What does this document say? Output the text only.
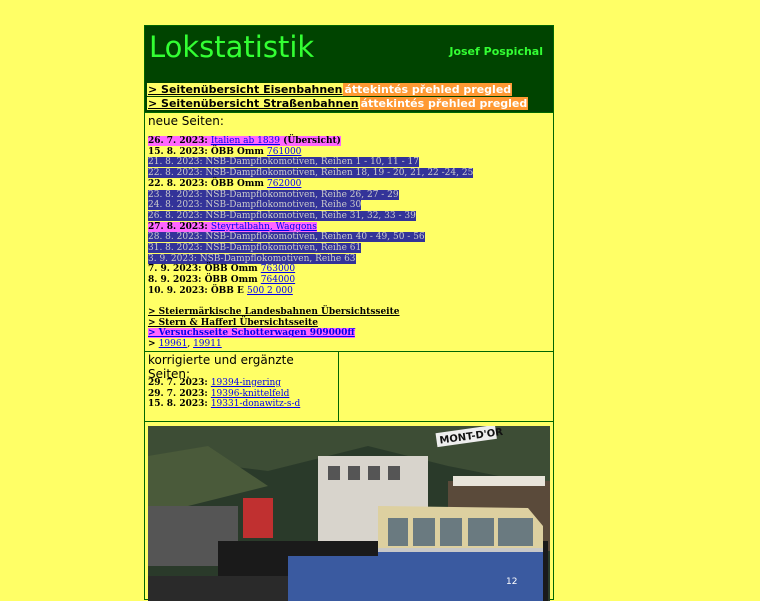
Lokstatistik	Josef Pospichal
> Seitenübersicht Eisenbahnen áttekintés přehled pregled
> Seitenübersicht Straßenbahnen áttekintés přehled pregled
neue Seiten:
26. 7. 2023: Italien ab 1839 (Übersicht)
15. 8. 2023: ÖBB Omm 761000
21. 8. 2023: NSB-Dampflokomotiven, Reihen 1 - 10, 11 - 17
22. 8. 2023: NSB-Dampflokomotiven, Reihen 18, 19 - 20, 21, 22 -24, 25
22. 8. 2023: ÖBB Omm 762000
23. 8. 2023: NSB-Dampflokomotiven, Reihe 26, 27 - 29
24. 8. 2023: NSB-Dampflokomotiven, Reihe 30
26. 8. 2023: NSB-Dampflokomotiven, Reihe 31, 32, 33 - 39
27. 8. 2023: Steyrtalbahn, Waggons
28. 8. 2023: NSB-Dampflokomotiven, Reihen 40 - 49, 50 - 56
31. 8. 2023: NSB-Dampflokomotiven, Reihe 61
3. 9. 2023: NSB-Dampflokomotiven, Reihe 63
7. 9. 2023: ÖBB Omm 763000
8. 9. 2023: ÖBB Omm 764000
10. 9. 2023: ÖBB E 500 2 000
> Steiermärkische Landesbahnen Übersichtsseite
> Stern & Hafferl Übersichtsseite
> Versuchsseite Schotterwagen 909000ff
> 19961, 19911
korrigierte und ergänzte Seiten:
29. 7. 2023: 19394-ingering
29. 7. 2023: 19396-knittelfeld
15. 8. 2023: 19331-donawitz-s-d
MONT-D'OR
12
